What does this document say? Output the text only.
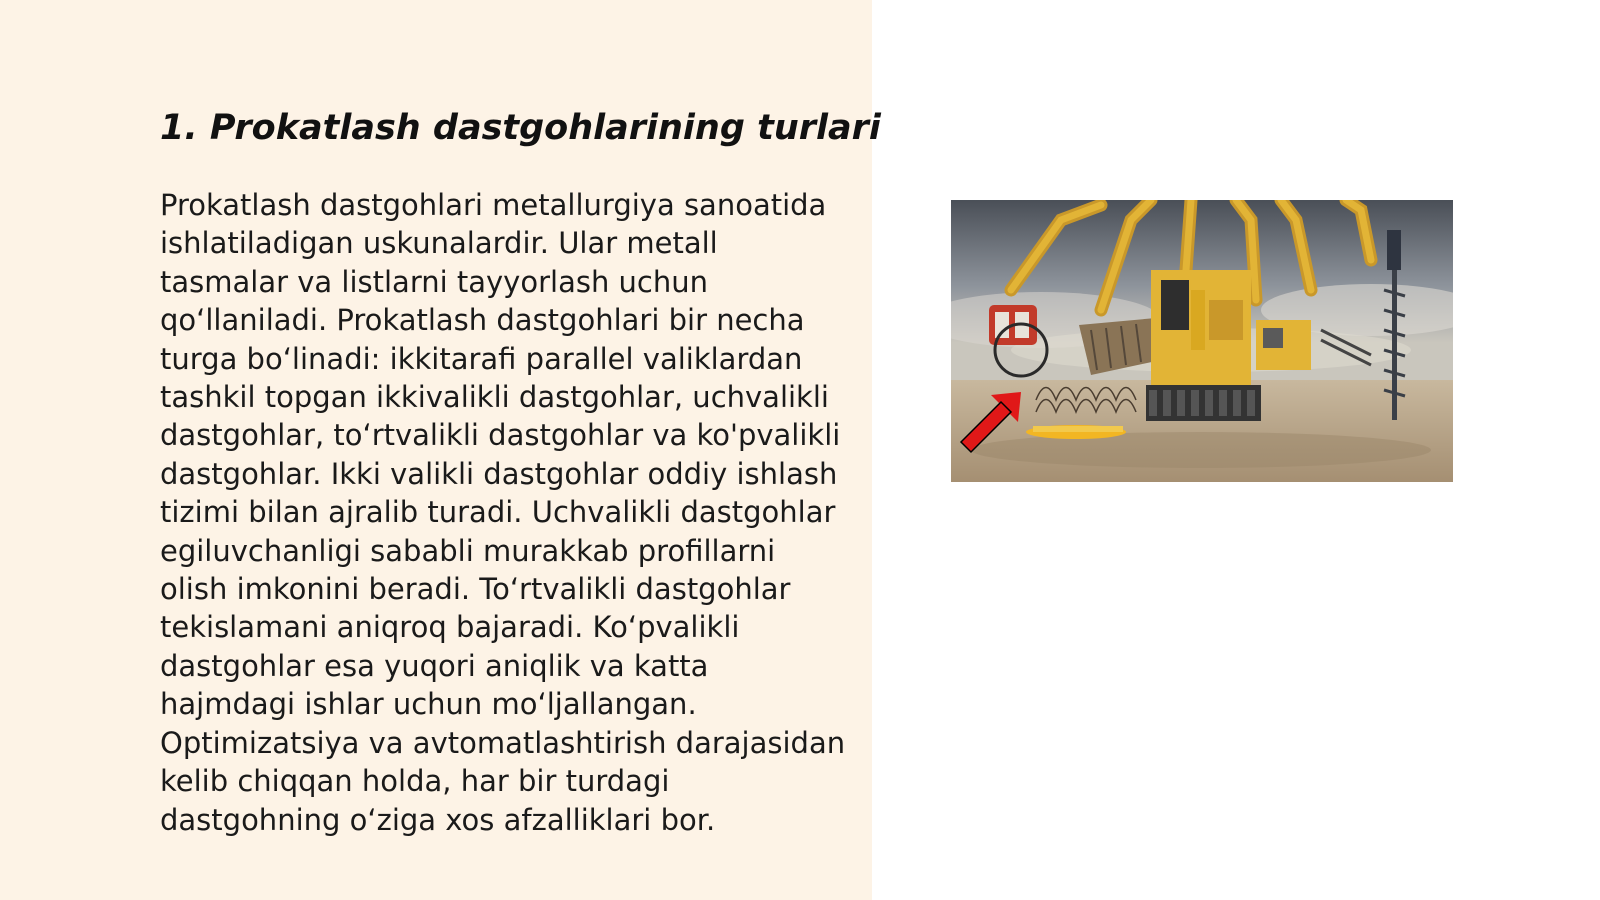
1. Prokatlash dastgohlarining turlari

Prokatlash dastgohlari metallurgiya sanoatida ishlatiladigan uskunalardir. Ular metall tasmalar va listlarni tayyorlash uchun qo‘llaniladi. Prokatlash dastgohlari bir necha turga bo‘linadi: ikkitarafi parallel valiklardan tashkil topgan ikkivalikli dastgohlar, uchvalikli dastgohlar, to‘rtvalikli dastgohlar va ko'pvalikli dastgohlar. Ikki valikli dastgohlar oddiy ishlash tizimi bilan ajralib turadi. Uchvalikli dastgohlar egiluvchanligi sababli murakkab profillarni olish imkonini beradi. To‘rtvalikli dastgohlar tekislamani aniqroq bajaradi. Ko‘pvalikli dastgohlar esa yuqori aniqlik va katta hajmdagi ishlar uchun mo‘ljallangan. Optimizatsiya va avtomatlashtirish darajasidan kelib chiqqan holda, har bir turdagi dastgohning o‘ziga xos afzalliklari bor.
